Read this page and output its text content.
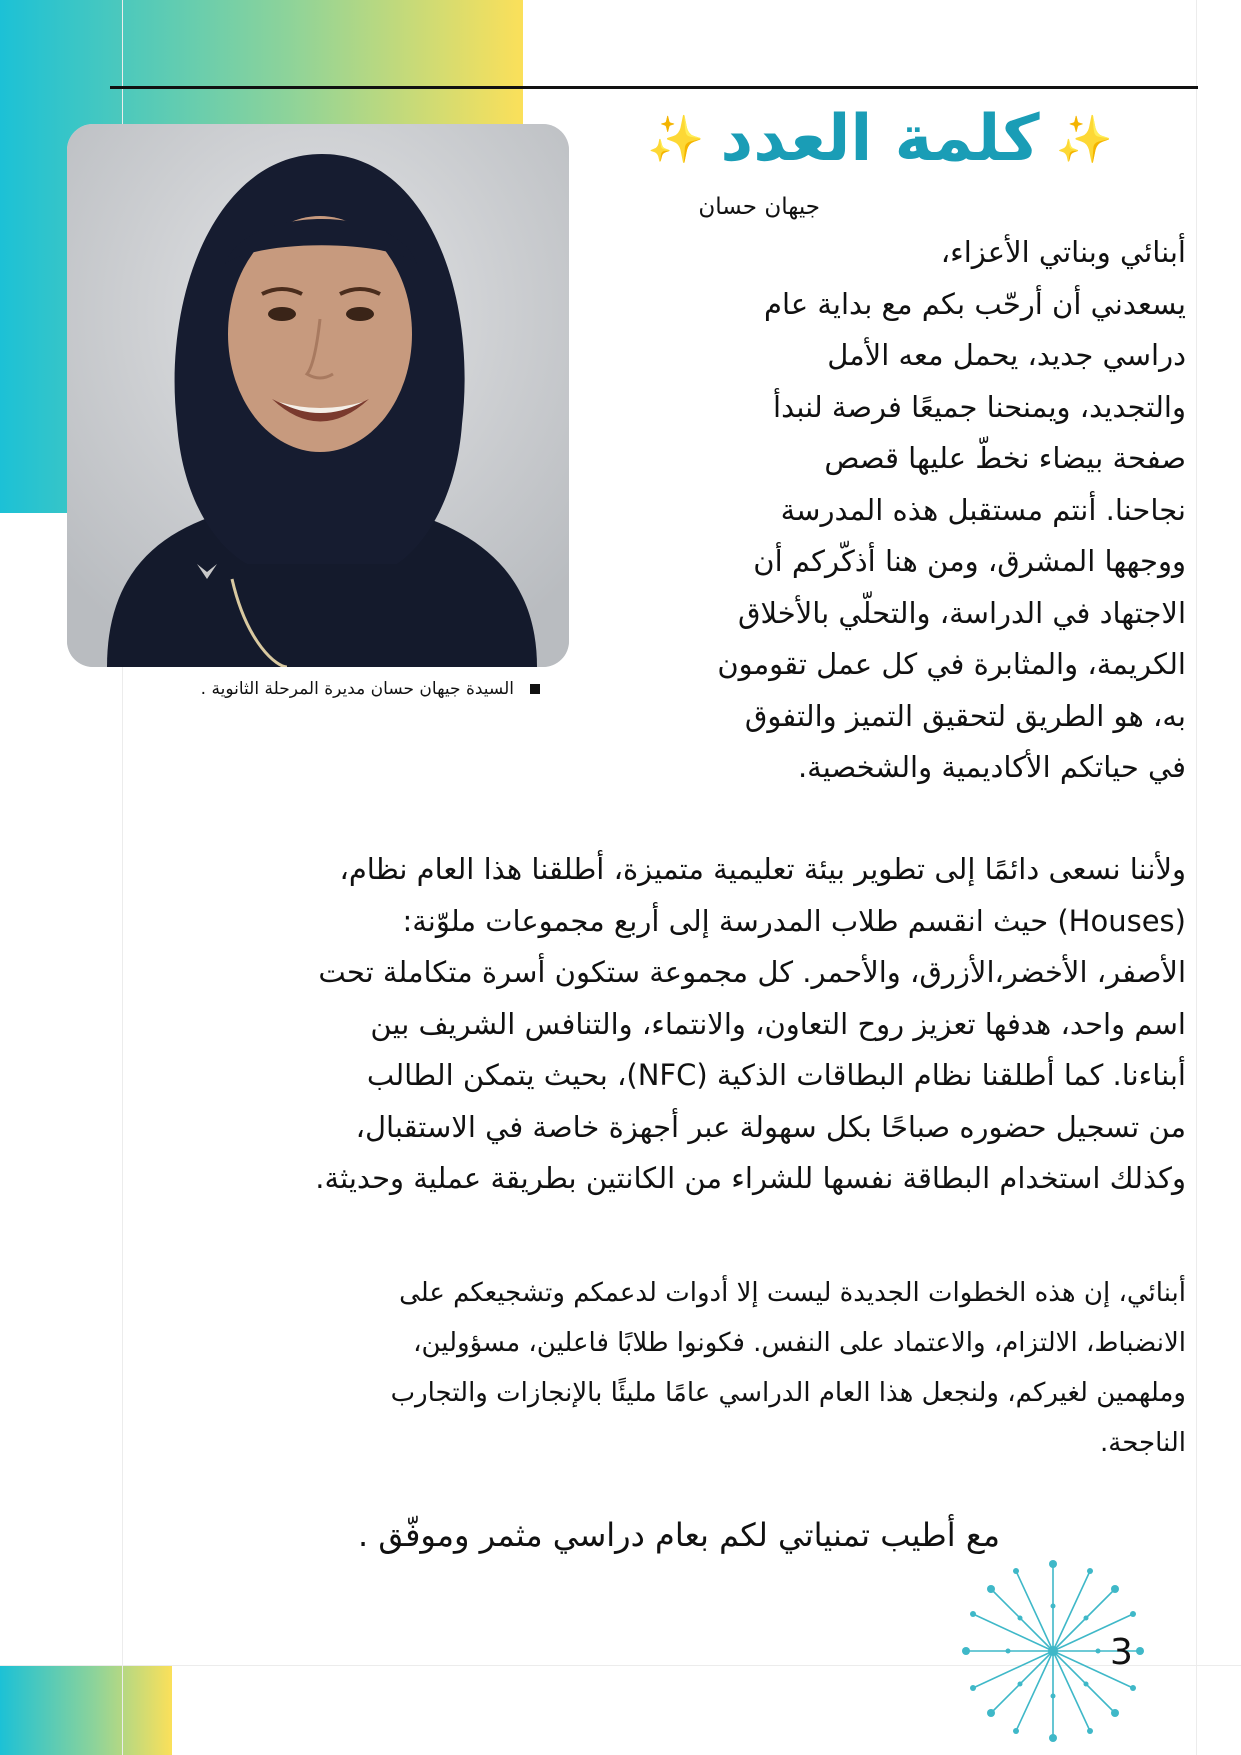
✨
كلمة العدد
✨
جيهان حسان
أبنائي وبناتي الأعزاء،
يسعدني أن أرحّب بكم مع بداية عام
دراسي جديد، يحمل معه الأمل
والتجديد، ويمنحنا جميعًا فرصة لنبدأ
صفحة بيضاء نخطّ عليها قصص
نجاحنا. أنتم مستقبل هذه المدرسة
ووجهها المشرق، ومن هنا أذكّركم أن
الاجتهاد في الدراسة، والتحلّي بالأخلاق
الكريمة، والمثابرة في كل عمل تقومون
به، هو الطريق لتحقيق التميز والتفوق
في حياتكم الأكاديمية والشخصية.
السيدة جيهان حسان مديرة المرحلة الثانوية .
ولأننا نسعى دائمًا إلى تطوير بيئة تعليمية متميزة، أطلقنا هذا العام نظام،
(Houses) حيث انقسم طلاب المدرسة إلى أربع مجموعات ملوّنة:
الأصفر، الأخضر،الأزرق، والأحمر. كل مجموعة ستكون أسرة متكاملة تحت
اسم واحد، هدفها تعزيز روح التعاون، والانتماء، والتنافس الشريف بين
أبناءنا. كما أطلقنا نظام البطاقات الذكية (NFC)، بحيث يتمكن الطالب
من تسجيل حضوره صباحًا بكل سهولة عبر أجهزة خاصة في الاستقبال،
وكذلك استخدام البطاقة نفسها للشراء من الكانتين بطريقة عملية وحديثة.
أبنائي، إن هذه الخطوات الجديدة ليست إلا أدوات لدعمكم وتشجيعكم على
الانضباط، الالتزام، والاعتماد على النفس. فكونوا طلابًا فاعلين، مسؤولين،
وملهمين لغيركم، ولنجعل هذا العام الدراسي عامًا مليئًا بالإنجازات والتجارب
الناجحة.
مع أطيب تمنياتي لكم بعام دراسي مثمر وموفّق .
3
